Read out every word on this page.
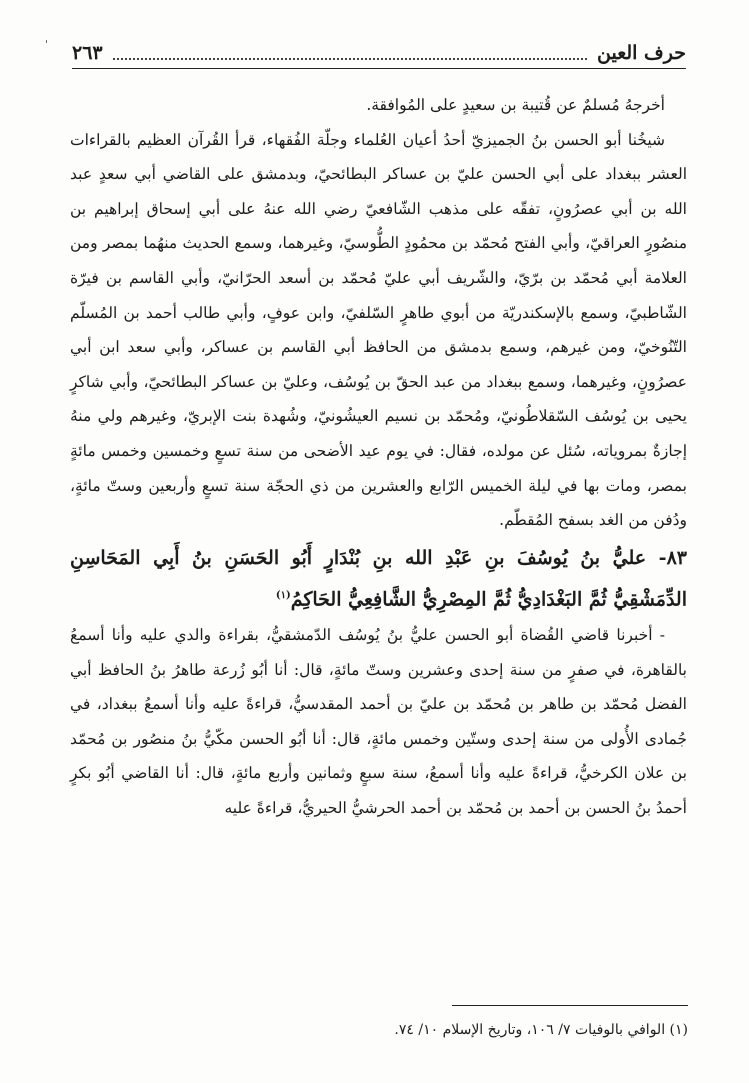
'	حرف العين
٢٦٣

أخرجهُ مُسلمٌ عن قُتيبة بن سعيدٍ على المُوافقة.

شيخُنا أبو الحسن بنُ الجميزيّ أحدُ أعيان العُلماء وجلّة الفُقهاء، قرأ القُرآن العظيم بالقراءات العشر ببغداد على أبي الحسن عليّ بن عساكر البطائحيّ، وبدمشق على القاضي أبي سعدٍ عبد الله بن أبي عصرُونٍ، تفقّه على مذهب الشّافعيّ رضي الله عنهُ على أبي إسحاق إبراهيم بن منصُورٍ العراقيّ، وأبي الفتح مُحمّد بن محمُودٍ الطُّوسيّ، وغيرهما، وسمع الحديث منهُما بمصر ومن العلامة أبي مُحمّد بن برّيّ، والشّريف أبي عليّ مُحمّد بن أسعد الحرّانيّ، وأبي القاسم بن فيرّة الشّاطبيّ، وسمع بالإسكندريّة من أبوي طاهرٍ السّلفيّ، وابن عوفٍ، وأبي طالب أحمد بن المُسلّم التّنُوخيّ، ومن غيرهم، وسمع بدمشق من الحافظ أبي القاسم بن عساكر، وأبي سعد ابن أبي عصرُونٍ، وغيرهما، وسمع ببغداد من عبد الحقّ بن يُوسُف، وعليّ بن عساكر البطائحيّ، وأبي شاكرٍ يحيى بن يُوسُف السّقلاطُونيّ، ومُحمّد بن نسيم العيشُونيّ، وشُهدة بنت الإبريّ، وغيرهم ولي منهُ إجازةٌ بمروياته، سُئل عن مولده، فقال: في يوم عيد الأضحى من سنة تسعٍ وخمسين وخمس مائةٍ بمصر، ومات بها في ليلة الخميس الرّابع والعشرين من ذي الحجّة سنة تسعٍ وأربعين وستّ مائةٍ، ودُفن من الغد بسفح المُقطّم.

٨٣- عليُّ بنُ يُوسُفَ بنِ عَبْدِ الله بنِ بُنْدَارٍ أَبُو الحَسَنِ بنُ أَبِي المَحَاسِنِ الدِّمَشْقِيُّ ثُمَّ البَغْدَادِيُّ ثُمَّ المِصْرِيُّ الشَّافِعِيُّ الحَاكِمُ$^{(١)}$

- أخبرنا قاضي القُضاة أبو الحسن عليُّ بنُ يُوسُف الدّمشقيُّ، بقراءة والدي عليه وأنا أسمعُ بالقاهرة، في صفرٍ من سنة إحدى وعشرين وستّ مائةٍ، قال: أنا أبُو زُرعة طاهرُ بنُ الحافظ أبي الفضل مُحمّد بن طاهر بن مُحمّد بن عليّ بن أحمد المقدسيُّ، قراءةً عليه وأنا أسمعُ ببغداد، في جُمادى الأُولى من سنة إحدى وستّين وخمس مائةٍ، قال: أنا أبُو الحسن مكّيُّ بنُ منصُور بن مُحمّد بن علان الكرخيُّ، قراءةً عليه وأنا أسمعُ، سنة سبعٍ وثمانين وأربع مائةٍ، قال: أنا القاضي أبُو بكرٍ أحمدُ بنُ الحسن بن أحمد بن مُحمّد بن أحمد الحرشيُّ الحيريُّ، قراءةً عليه

(١) الوافي بالوفيات ٧/ ١٠٦، وتاريخ الإسلام ١٠/ ٧٤.
